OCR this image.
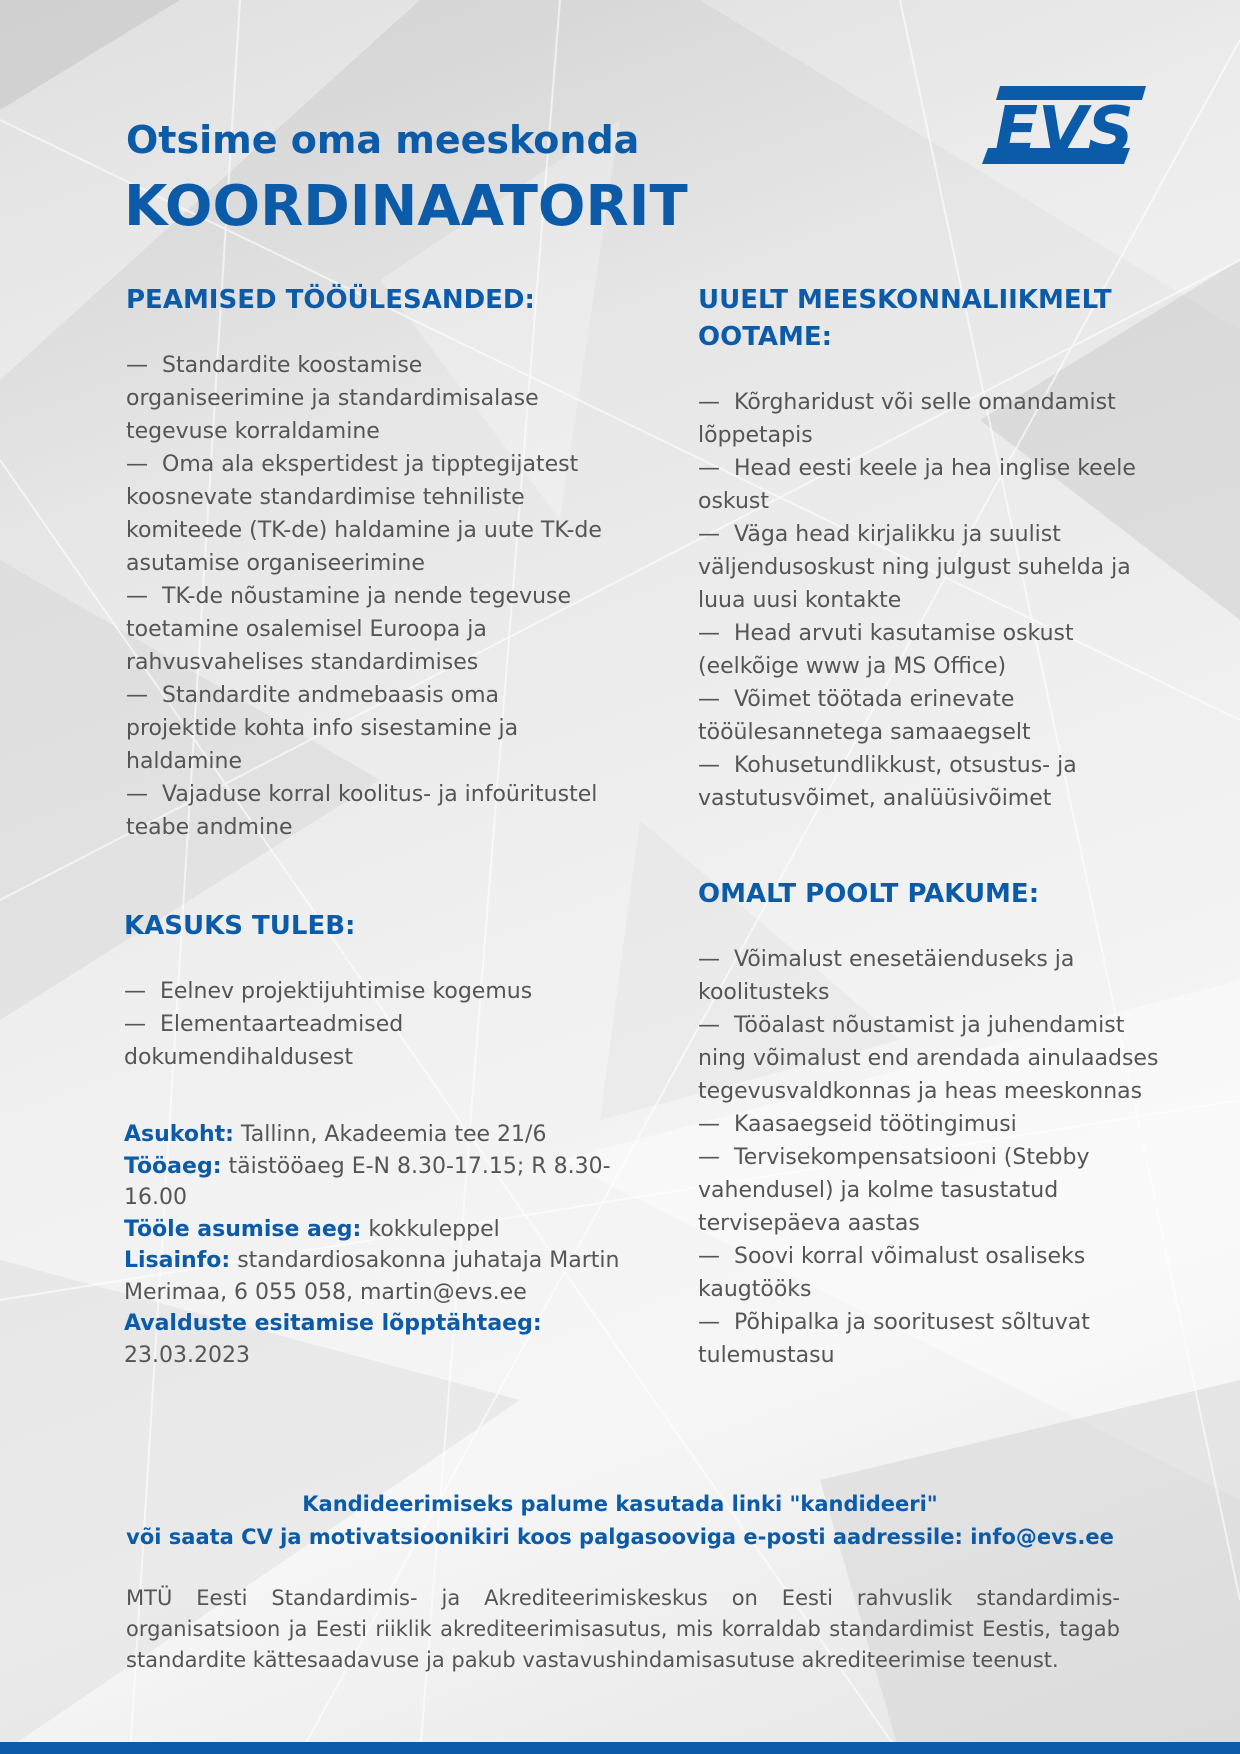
EVS
Otsime oma meeskonda
KOORDINAATORIT
PEAMISED TÖÖÜLESANDED:
—  Standardite koostamise organiseerimine ja standardimisalase tegevuse korraldamine
—  Oma ala ekspertidest ja tipptegijatest koosnevate standardimise tehniliste komiteede (TK-de) haldamine ja uute TK-de asutamise organiseerimine
—  TK-de nõustamine ja nende tegevuse toetamine osalemisel Euroopa ja rahvusvahelises standardimises
—  Standardite andmebaasis oma projektide kohta info sisestamine ja haldamine
—  Vajaduse korral koolitus- ja infoüritustel teabe andmine
KASUKS TULEB:
—  Eelnev projektijuhtimise kogemus
—  Elementaarteadmised dokumendihaldusest
Asukoht: Tallinn, Akadeemia tee 21/6
Tööaeg: täistööaeg E-N 8.30-17.15; R 8.30-16.00
Tööle asumise aeg: kokkuleppel
Lisainfo: standardiosakonna juhataja Martin Merimaa, 6 055 058, martin@evs.ee
Avalduste esitamise lõpptähtaeg: 23.03.2023
UUELT MEESKONNALIIKMELT OOTAME:
—  Kõrgharidust või selle omandamist lõppetapis
—  Head eesti keele ja hea inglise keele oskust
—  Väga head kirjalikku ja suulist väljendusoskust ning julgust suhelda ja luua uusi kontakte
—  Head arvuti kasutamise oskust (eelkõige www ja MS Office)
—  Võimet töötada erinevate tööülesannetega samaaegselt
—  Kohusetundlikkust, otsustus- ja vastutusvõimet, analüüsivõimet
OMALT POOLT PAKUME:
—  Võimalust enesetäienduseks ja koolitusteks
—  Tööalast nõustamist ja juhendamist ning võimalust end arendada ainulaadses tegevusvaldkonnas ja heas meeskonnas
—  Kaasaegseid töötingimusi
—  Tervisekompensatsiooni (Stebby vahendusel) ja kolme tasustatud tervisepäeva aastas
—  Soovi korral võimalust osaliseks kaugtööks
—  Põhipalka ja sooritusest sõltuvat tulemustasu
Kandideerimiseks palume kasutada linki "kandideeri"
või saata CV ja motivatsioonikiri koos palgasooviga e-posti aadressile: info@evs.ee
MTÜ Eesti Standardimis- ja Akrediteerimiskeskus on Eesti rahvuslik standardimis-organisatsioon ja Eesti riiklik akrediteerimisasutus, mis korraldab standardimist Eestis, tagab standardite kättesaadavuse ja pakub vastavushindamisasutuse akrediteerimise teenust.
